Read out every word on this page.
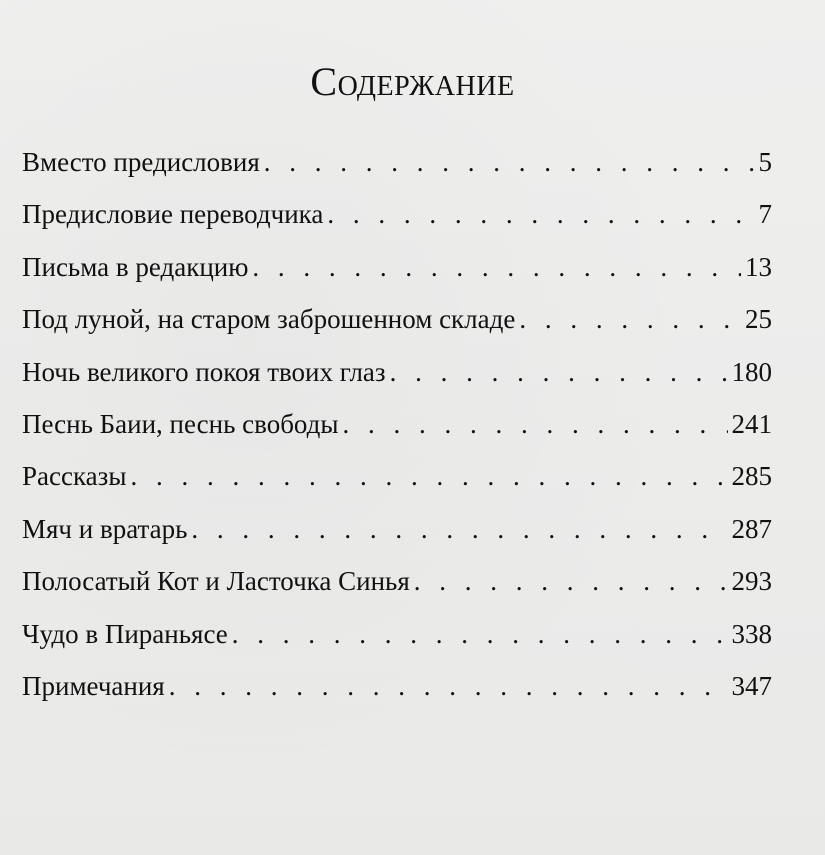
Содержание
Вместо предисловия . . .	5
Предисловие переводчика . . .	7
Письма в редакцию . . .	13
Под луной, на старом заброшенном складе . . .	25
Ночь великого покоя твоих глаз . . .	180
Песнь Баии, песнь свободы . . .	241
Рассказы . . .	285
Мяч и вратарь . . .	287
Полосатый Кот и Ласточка Синья . . .	293
Чудо в Пираньясе . . .	338
Примечания . . .	347
